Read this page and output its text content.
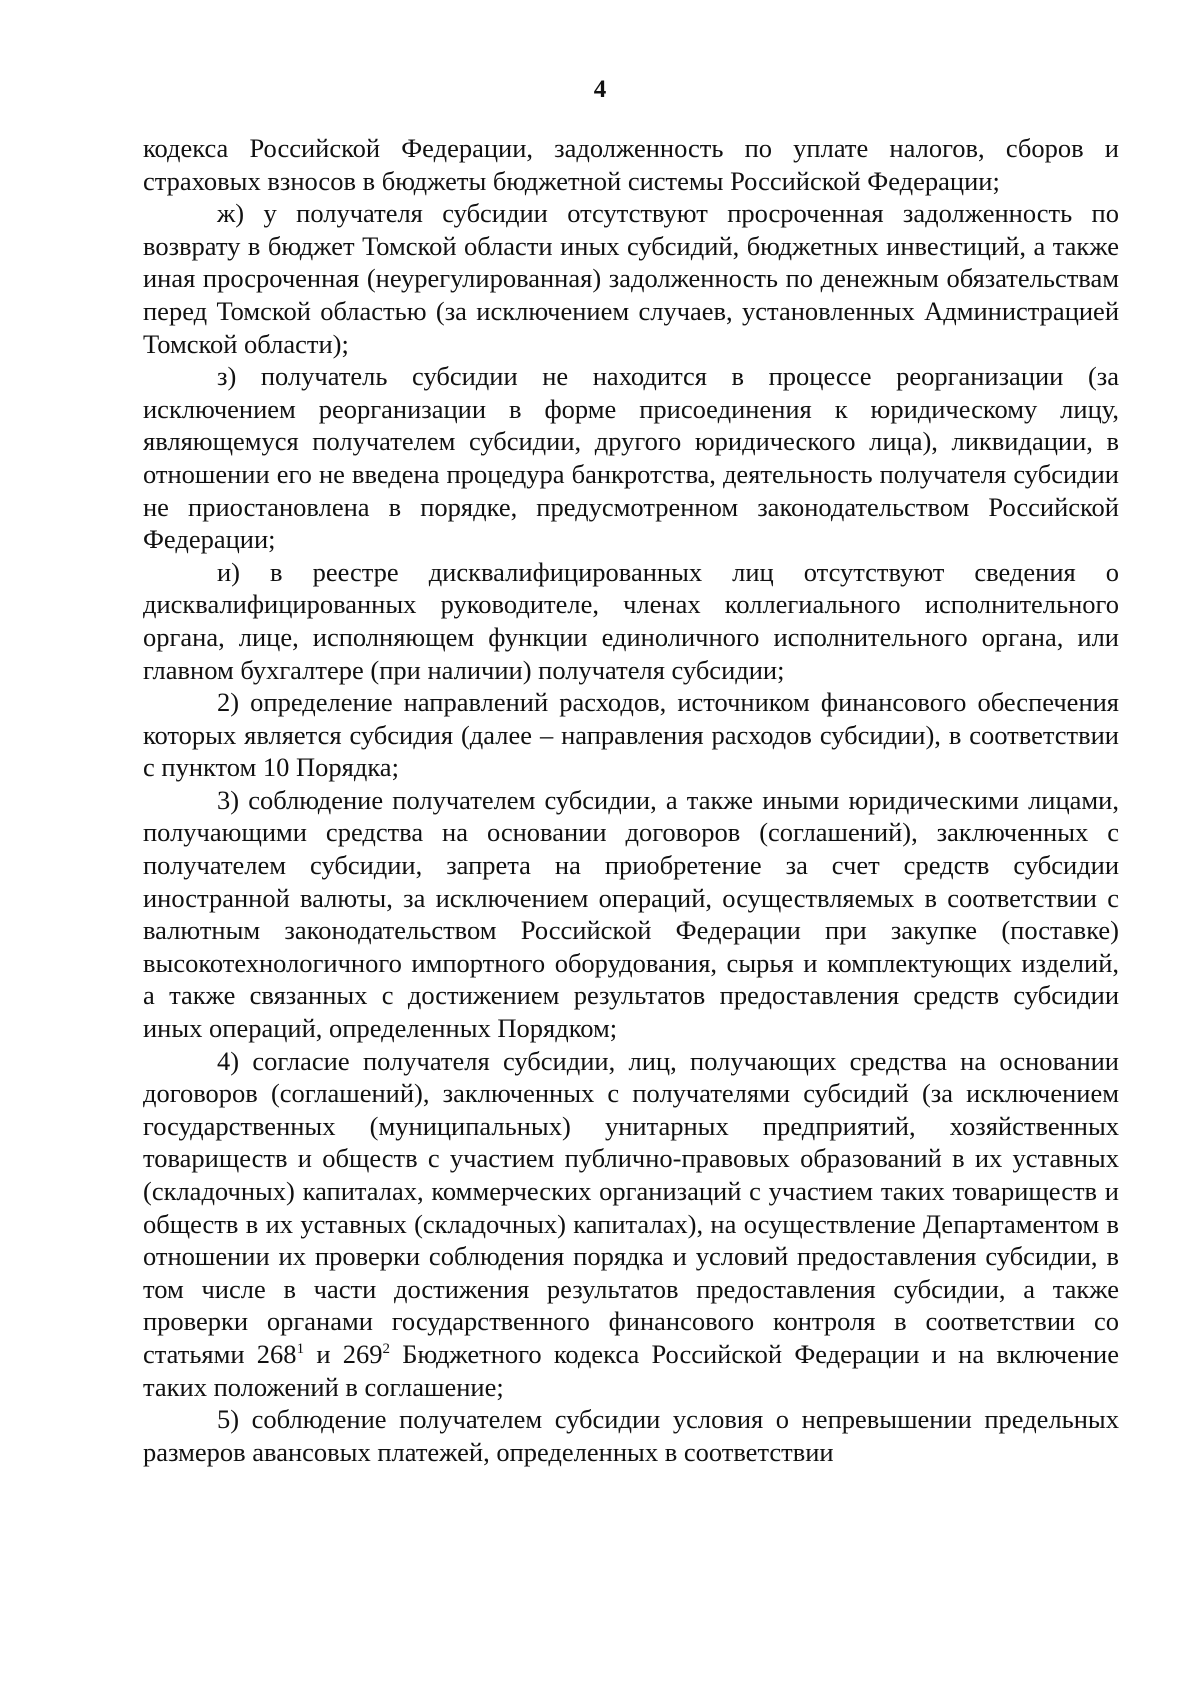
4

кодекса Российской Федерации, задолженность по уплате налогов, сборов и страховых взносов в бюджеты бюджетной системы Российской Федерации;

ж) у получателя субсидии отсутствуют просроченная задолженность по возврату в бюджет Томской области иных субсидий, бюджетных инвестиций, а также иная просроченная (неурегулированная) задолженность по денежным обязательствам перед Томской областью (за исключением случаев, установленных Администрацией Томской области);

з) получатель субсидии не находится в процессе реорганизации (за исключением реорганизации в форме присоединения к юридическому лицу, являющемуся получателем субсидии, другого юридического лица), ликвидации, в отношении его не введена процедура банкротства, деятельность получателя субсидии не приостановлена в порядке, предусмотренном законодательством Российской Федерации;

и) в реестре дисквалифицированных лиц отсутствуют сведения о дисквалифицированных руководителе, членах коллегиального исполнительного органа, лице, исполняющем функции единоличного исполнительного органа, или главном бухгалтере (при наличии) получателя субсидии;

2) определение направлений расходов, источником финансового обеспечения которых является субсидия (далее – направления расходов субсидии), в соответствии с пунктом 10 Порядка;

3) соблюдение получателем субсидии, а также иными юридическими лицами, получающими средства на основании договоров (соглашений), заключенных с получателем субсидии, запрета на приобретение за счет средств субсидии иностранной валюты, за исключением операций, осуществляемых в соответствии с валютным законодательством Российской Федерации при закупке (поставке) высокотехнологичного импортного оборудования, сырья и комплектующих изделий, а также связанных с достижением результатов предоставления средств субсидии иных операций, определенных Порядком;

4) согласие получателя субсидии, лиц, получающих средства на основании договоров (соглашений), заключенных с получателями субсидий (за исключением государственных (муниципальных) унитарных предприятий, хозяйственных товариществ и обществ с участием публично-правовых образований в их уставных (складочных) капиталах, коммерческих организаций с участием таких товариществ и обществ в их уставных (складочных) капиталах), на осуществление Департаментом в отношении их проверки соблюдения порядка и условий предоставления субсидии, в том числе в части достижения результатов предоставления субсидии, а также проверки органами государственного финансового контроля в соответствии со статьями $268^1$ и $269^2$ Бюджетного кодекса Российской Федерации и на включение таких положений в соглашение;

5) соблюдение получателем субсидии условия о непревышении предельных размеров авансовых платежей, определенных в соответствии
